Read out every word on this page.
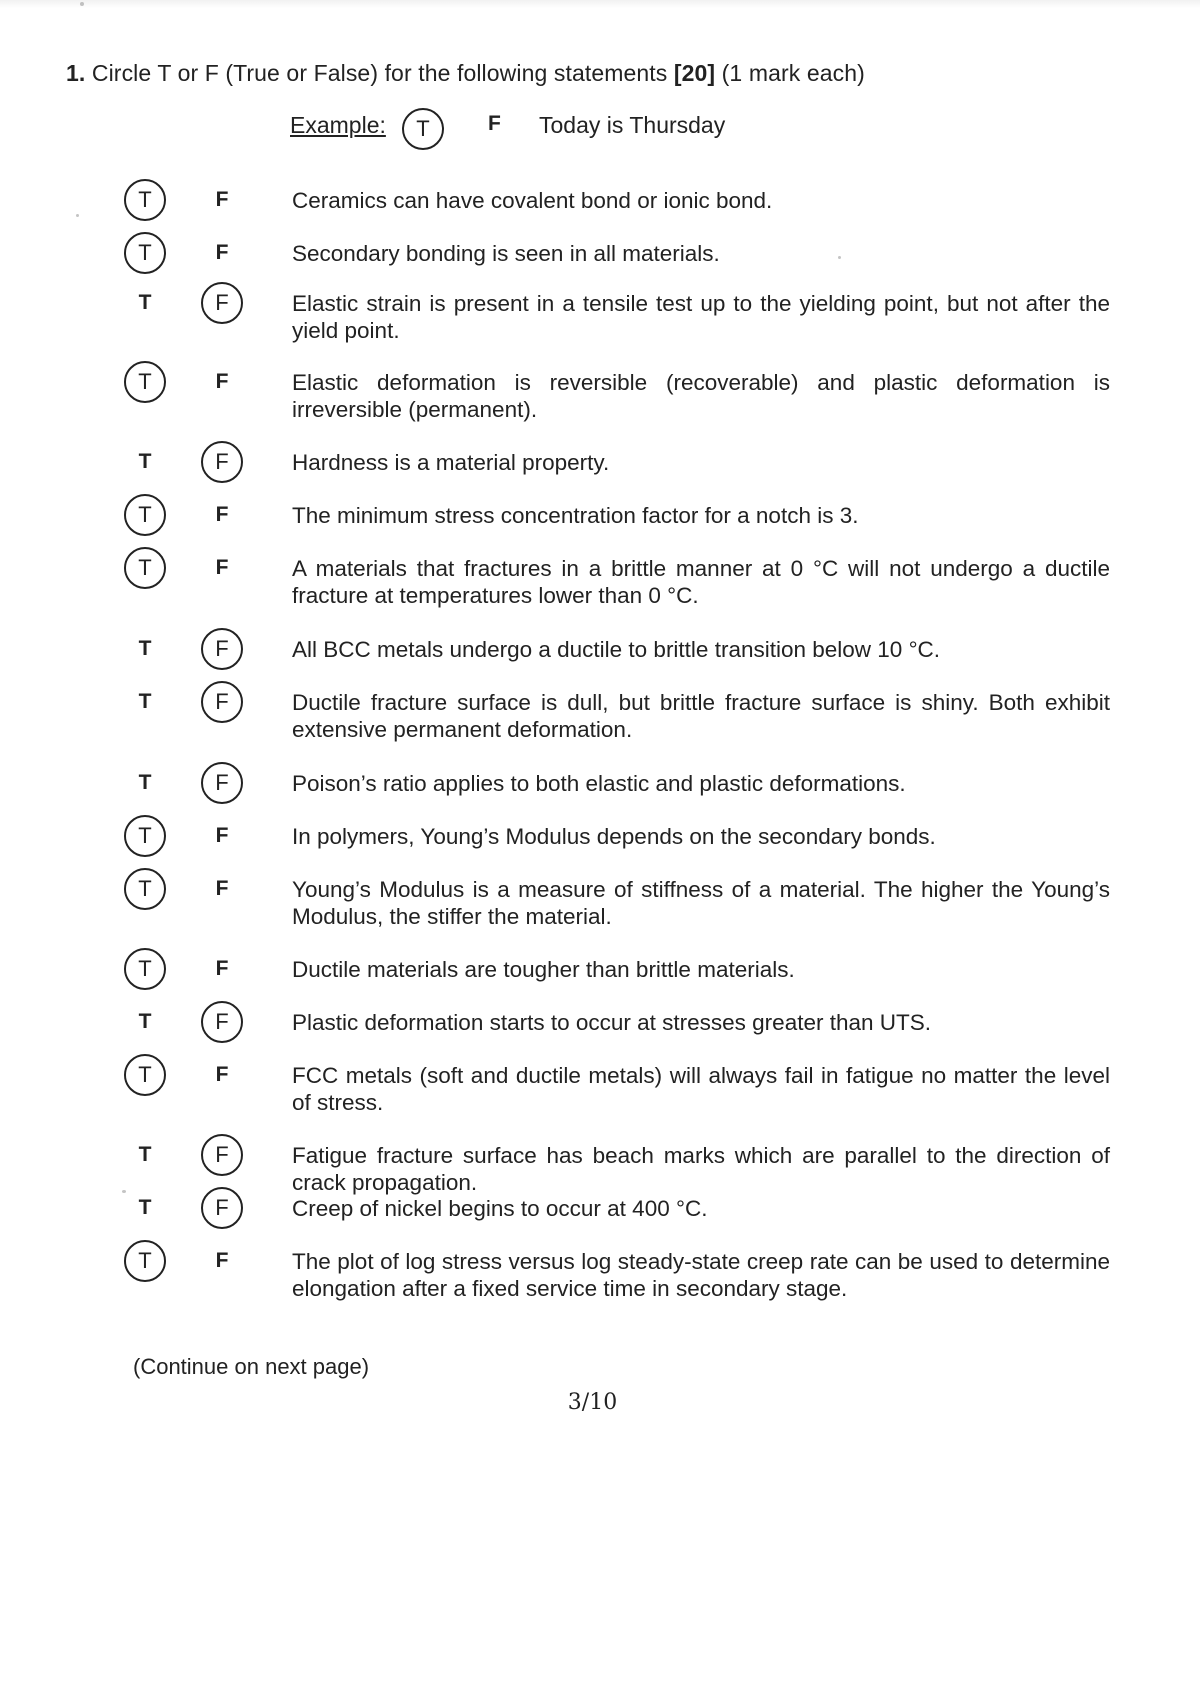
1. Circle T or F (True or False) for the following statements [20] (1 mark each)
Example:	T	F Today is Thursday
T	F	Ceramics can have covalent bond or ionic bond.
T	F	Secondary bonding is seen in all materials.
T	F	Elastic strain is present in a tensile test up to the yielding point, but not after the yield point.
T	F	Elastic deformation is reversible (recoverable) and plastic deformation is irreversible (permanent).
T	F	Hardness is a material property.
T	F	The minimum stress concentration factor for a notch is 3.
T	F	A materials that fractures in a brittle manner at 0 °C will not undergo a ductile fracture at temperatures lower than 0 °C.
T	F	All BCC metals undergo a ductile to brittle transition below 10 °C.
T	F	Ductile fracture surface is dull, but brittle fracture surface is shiny. Both exhibit extensive permanent deformation.
T	F	Poison’s ratio applies to both elastic and plastic deformations.
T	F	In polymers, Young’s Modulus depends on the secondary bonds.
T	F	Young’s Modulus is a measure of stiffness of a material. The higher the Young’s Modulus, the stiffer the material.
T	F	Ductile materials are tougher than brittle materials.
T	F	Plastic deformation starts to occur at stresses greater than UTS.
T	F	FCC metals (soft and ductile metals) will always fail in fatigue no matter the level of stress.
T	F	Fatigue fracture surface has beach marks which are parallel to the direction of crack propagation.
T	F	Creep of nickel begins to occur at 400 °C.
T	F	The plot of log stress versus log steady-state creep rate can be used to determine elongation after a fixed service time in secondary stage.
(Continue on next page)
3/10
